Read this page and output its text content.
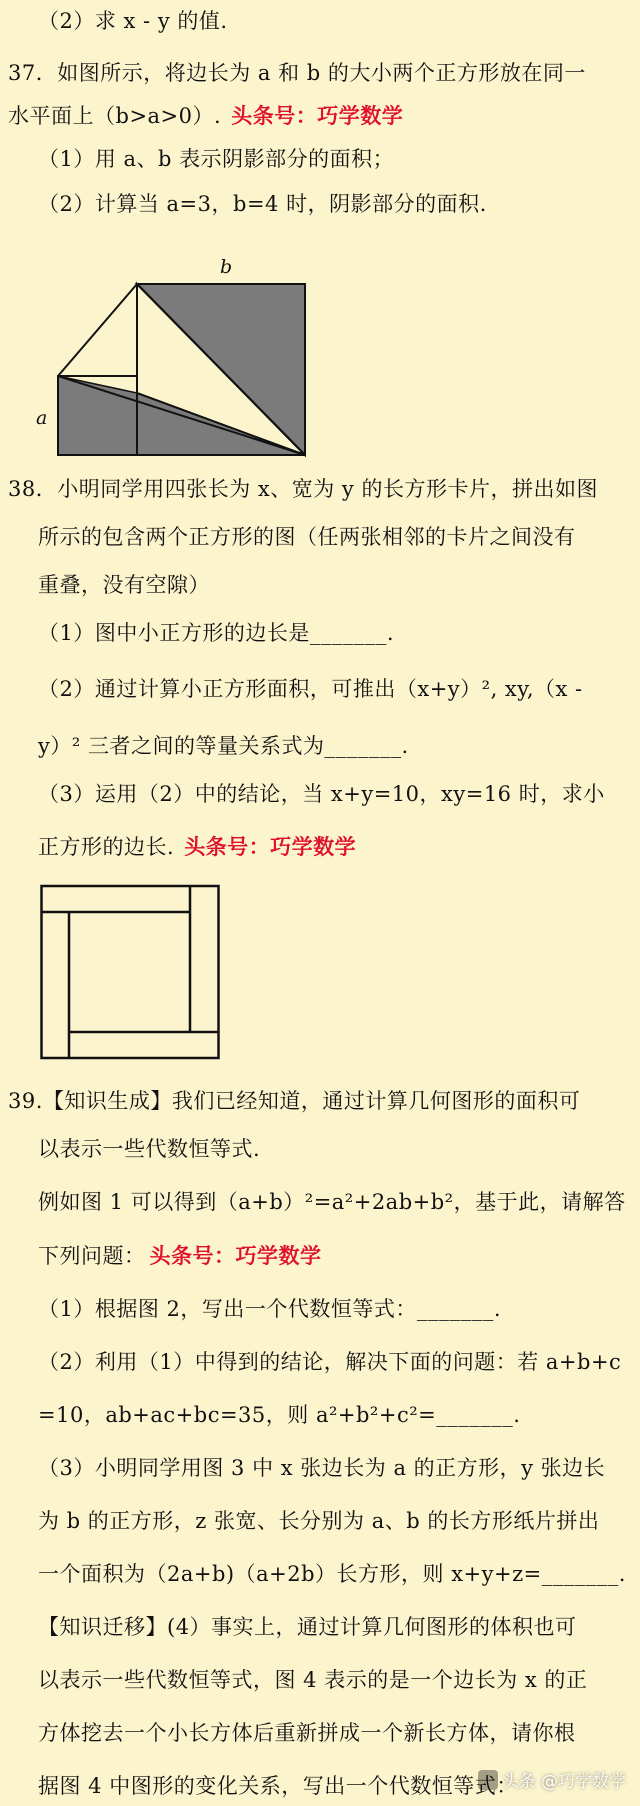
（2）求 x - y 的值.
37．如图所示，将边长为 a 和 b 的大小两个正方形放在同一
水平面上（b>a>0）. 头条号：巧学数学
（1）用 a、b 表示阴影部分的面积；
（2）计算当 a=3，b=4 时，阴影部分的面积.
b
a
38．小明同学用四张长为 x、宽为 y 的长方形卡片，拼出如图
所示的包含两个正方形的图（任两张相邻的卡片之间没有
重叠，没有空隙）
（1）图中小正方形的边长是_______.
（2）通过计算小正方形面积，可推出（x+y）², xy,（x -
y）² 三者之间的等量关系式为_______.
（3）运用（2）中的结论，当 x+y=10，xy=16 时，求小
正方形的边长. 头条号：巧学数学
39.【知识生成】我们已经知道，通过计算几何图形的面积可
以表示一些代数恒等式.
例如图 1 可以得到（a+b）²=a²+2ab+b²，基于此，请解答
下列问题： 头条号：巧学数学
（1）根据图 2，写出一个代数恒等式：_______.
（2）利用（1）中得到的结论，解决下面的问题：若 a+b+c
=10，ab+ac+bc=35，则 a²+b²+c²=_______.
（3）小明同学用图 3 中 x 张边长为 a 的正方形，y 张边长
为 b 的正方形，z 张宽、长分别为 a、b 的长方形纸片拼出
一个面积为（2a+b)（a+2b）长方形，则 x+y+z=_______.
【知识迁移】(4）事实上，通过计算几何图形的体积也可
以表示一些代数恒等式，图 4 表示的是一个边长为 x 的正
方体挖去一个小长方体后重新拼成一个新长方体，请你根
据图 4 中图形的变化关系，写出一个代数恒等式：
头条 @巧学数学
